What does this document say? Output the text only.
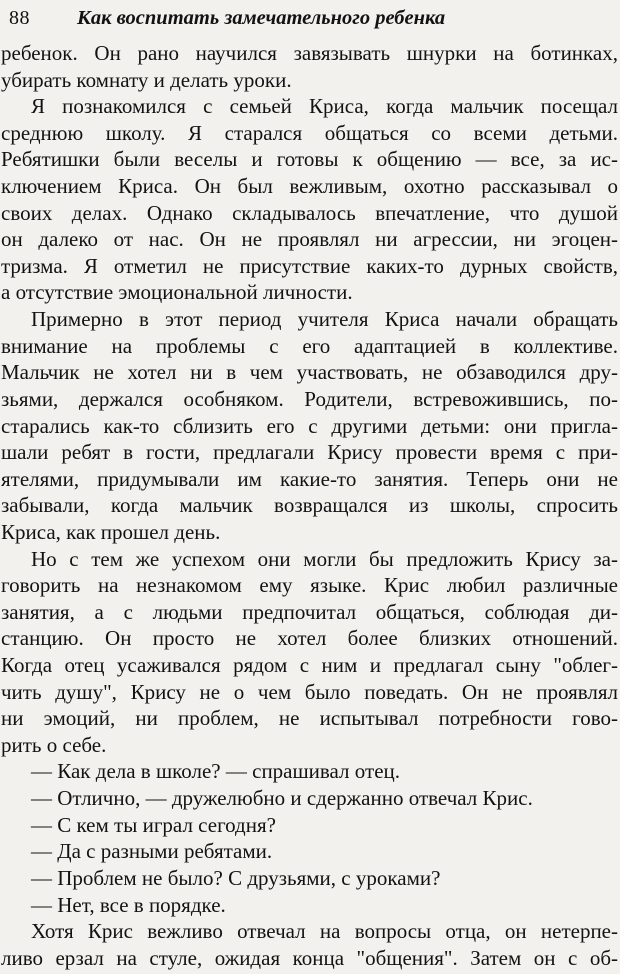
88 Как воспитать замечательного ребенка
ребенок. Он рано научился завязывать шнурки на ботинках,
убирать комнату и делать уроки.
Я познакомился с семьей Криса, когда мальчик посещал
среднюю школу. Я старался общаться со всеми детьми.
Ребятишки были веселы и готовы к общению — все, за ис-
ключением Криса. Он был вежливым, охотно рассказывал о
своих делах. Однако складывалось впечатление, что душой
он далеко от нас. Он не проявлял ни агрессии, ни эгоцен-
тризма. Я отметил не присутствие каких-то дурных свойств,
а отсутствие эмоциональной личности.
Примерно в этот период учителя Криса начали обращать
внимание на проблемы с его адаптацией в коллективе.
Мальчик не хотел ни в чем участвовать, не обзаводился дру-
зьями, держался особняком. Родители, встревожившись, по-
старались как-то сблизить его с другими детьми: они пригла-
шали ребят в гости, предлагали Крису провести время с при-
ятелями, придумывали им какие-то занятия. Теперь они не
забывали, когда мальчик возвращался из школы, спросить
Криса, как прошел день.
Но с тем же успехом они могли бы предложить Крису за-
говорить на незнакомом ему языке. Крис любил различные
занятия, а с людьми предпочитал общаться, соблюдая ди-
станцию. Он просто не хотел более близких отношений.
Когда отец усаживался рядом с ним и предлагал сыну "облег-
чить душу", Крису не о чем было поведать. Он не проявлял
ни эмоций, ни проблем, не испытывал потребности гово-
рить о себе.
— Как дела в школе? — спрашивал отец.
— Отлично, — дружелюбно и сдержанно отвечал Крис.
— С кем ты играл сегодня?
— Да с разными ребятами.
— Проблем не было? С друзьями, с уроками?
— Нет, все в порядке.
Хотя Крис вежливо отвечал на вопросы отца, он нетерпе-
ливо ерзал на стуле, ожидая конца "общения". Затем он с об-
